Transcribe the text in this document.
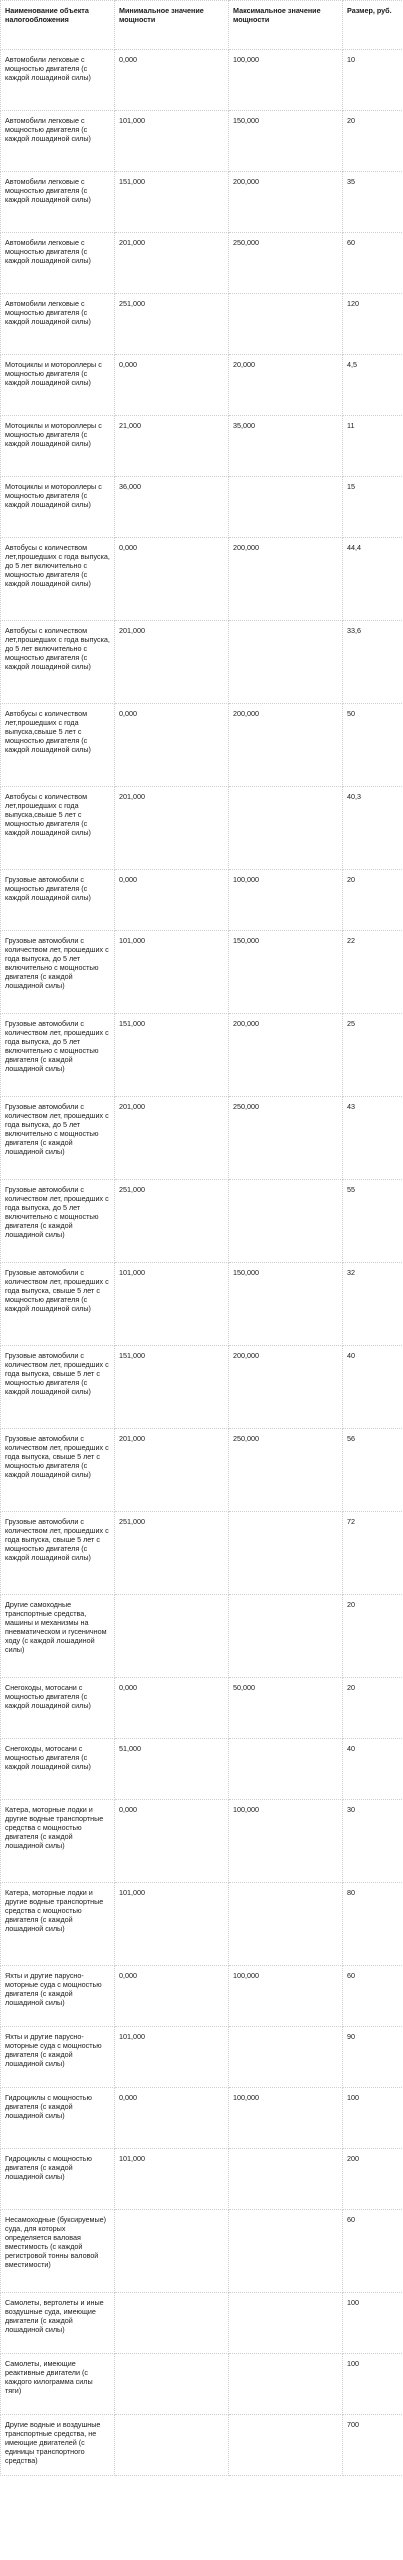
Наименование объекта налогообложения	Минимальное значение мощности	Максимальное значение мощности	Размер, руб.
Автомобили легковые с мощностью двигателя (с каждой лошадиной силы)	0,000	100,000	10
Автомобили легковые с мощностью двигателя (с каждой лошадиной силы)	101,000	150,000	20
Автомобили легковые с мощностью двигателя (с каждой лошадиной силы)	151,000	200,000	35
Автомобили легковые с мощностью двигателя (с каждой лошадиной силы)	201,000	250,000	60
Автомобили легковые с мощностью двигателя (с каждой лошадиной силы)	251,000		120
Мотоциклы и мотороллеры с мощностью двигателя (с каждой лошадиной силы)	0,000	20,000	4,5
Мотоциклы и мотороллеры с мощностью двигателя (с каждой лошадиной силы)	21,000	35,000	11
Мотоциклы и мотороллеры с мощностью двигателя (с каждой лошадиной силы)	36,000		15
Автобусы с количеством лет,прошедших с года выпуска, до 5 лет включительно с мощностью двигателя (с каждой лошадиной силы)	0,000	200,000	44,4
Автобусы с количеством лет,прошедших с года выпуска, до 5 лет включительно с мощностью двигателя (с каждой лошадиной силы)	201,000		33,6
Автобусы с количеством лет,прошедших с года выпуска,свыше 5 лет с мощностью двигателя (с каждой лошадиной силы)	0,000	200,000	50
Автобусы с количеством лет,прошедших с года выпуска,свыше 5 лет с мощностью двигателя (с каждой лошадиной силы)	201,000		40,3
Грузовые автомобили с мощностью двигателя (с каждой лошадиной силы)	0,000	100,000	20
Грузовые автомобили с количеством лет, прошедших с года выпуска, до 5 лет включительно с мощностью двигателя (с каждой лошадиной силы)	101,000	150,000	22
Грузовые автомобили с количеством лет, прошедших с года выпуска, до 5 лет включительно с мощностью двигателя (с каждой лошадиной силы)	151,000	200,000	25
Грузовые автомобили с количеством лет, прошедших с года выпуска, до 5 лет включительно с мощностью двигателя (с каждой лошадиной силы)	201,000	250,000	43
Грузовые автомобили с количеством лет, прошедших с года выпуска, до 5 лет включительно с мощностью двигателя (с каждой лошадиной силы)	251,000		55
Грузовые автомобили с количеством лет, прошедших с года выпуска, свыше 5 лет с мощностью двигателя (с каждой лошадиной силы)	101,000	150,000	32
Грузовые автомобили с количеством лет, прошедших с года выпуска, свыше 5 лет с мощностью двигателя (с каждой лошадиной силы)	151,000	200,000	40
Грузовые автомобили с количеством лет, прошедших с года выпуска, свыше 5 лет с мощностью двигателя (с каждой лошадиной силы)	201,000	250,000	56
Грузовые автомобили с количеством лет, прошедших с года выпуска, свыше 5 лет с мощностью двигателя (с каждой лошадиной силы)	251,000		72
Другие самоходные транспортные средства, машины и механизмы на пневматическом и гусеничном ходу (с каждой лошадиной силы)			20
Снегоходы, мотосани с мощностью двигателя (с каждой лошадиной силы)	0,000	50,000	20
Снегоходы, мотосани с мощностью двигателя (с каждой лошадиной силы)	51,000		40
Катера, моторные лодки и другие водные транспортные средства с мощностью двигателя (с каждой лошадиной силы)	0,000	100,000	30
Катера, моторные лодки и другие водные транспортные средства с мощностью двигателя (с каждой лошадиной силы)	101,000		80
Яхты и другие парусно-моторные суда с мощностью двигателя (с каждой лошадиной силы)	0,000	100,000	60
Яхты и другие парусно-моторные суда с мощностью двигателя (с каждой лошадиной силы)	101,000		90
Гидроциклы с мощностью двигателя (с каждой лошадиной силы)	0,000	100,000	100
Гидроциклы с мощностью двигателя (с каждой лошадиной силы)	101,000		200
Несамоходные (буксируемые) суда, для которых определяется валовая вместимость (с каждой регистровой тонны валовой вместимости)			60
Самолеты, вертолеты и иные воздушные суда, имеющие двигатели (с каждой лошадиной силы)			100
Самолеты, имеющие реактивные двигатели (с каждого килограмма силы тяги)			100
Другие водные и воздушные транспортные средства, не имеющие двигателей (с единицы транспортного средства)			700
